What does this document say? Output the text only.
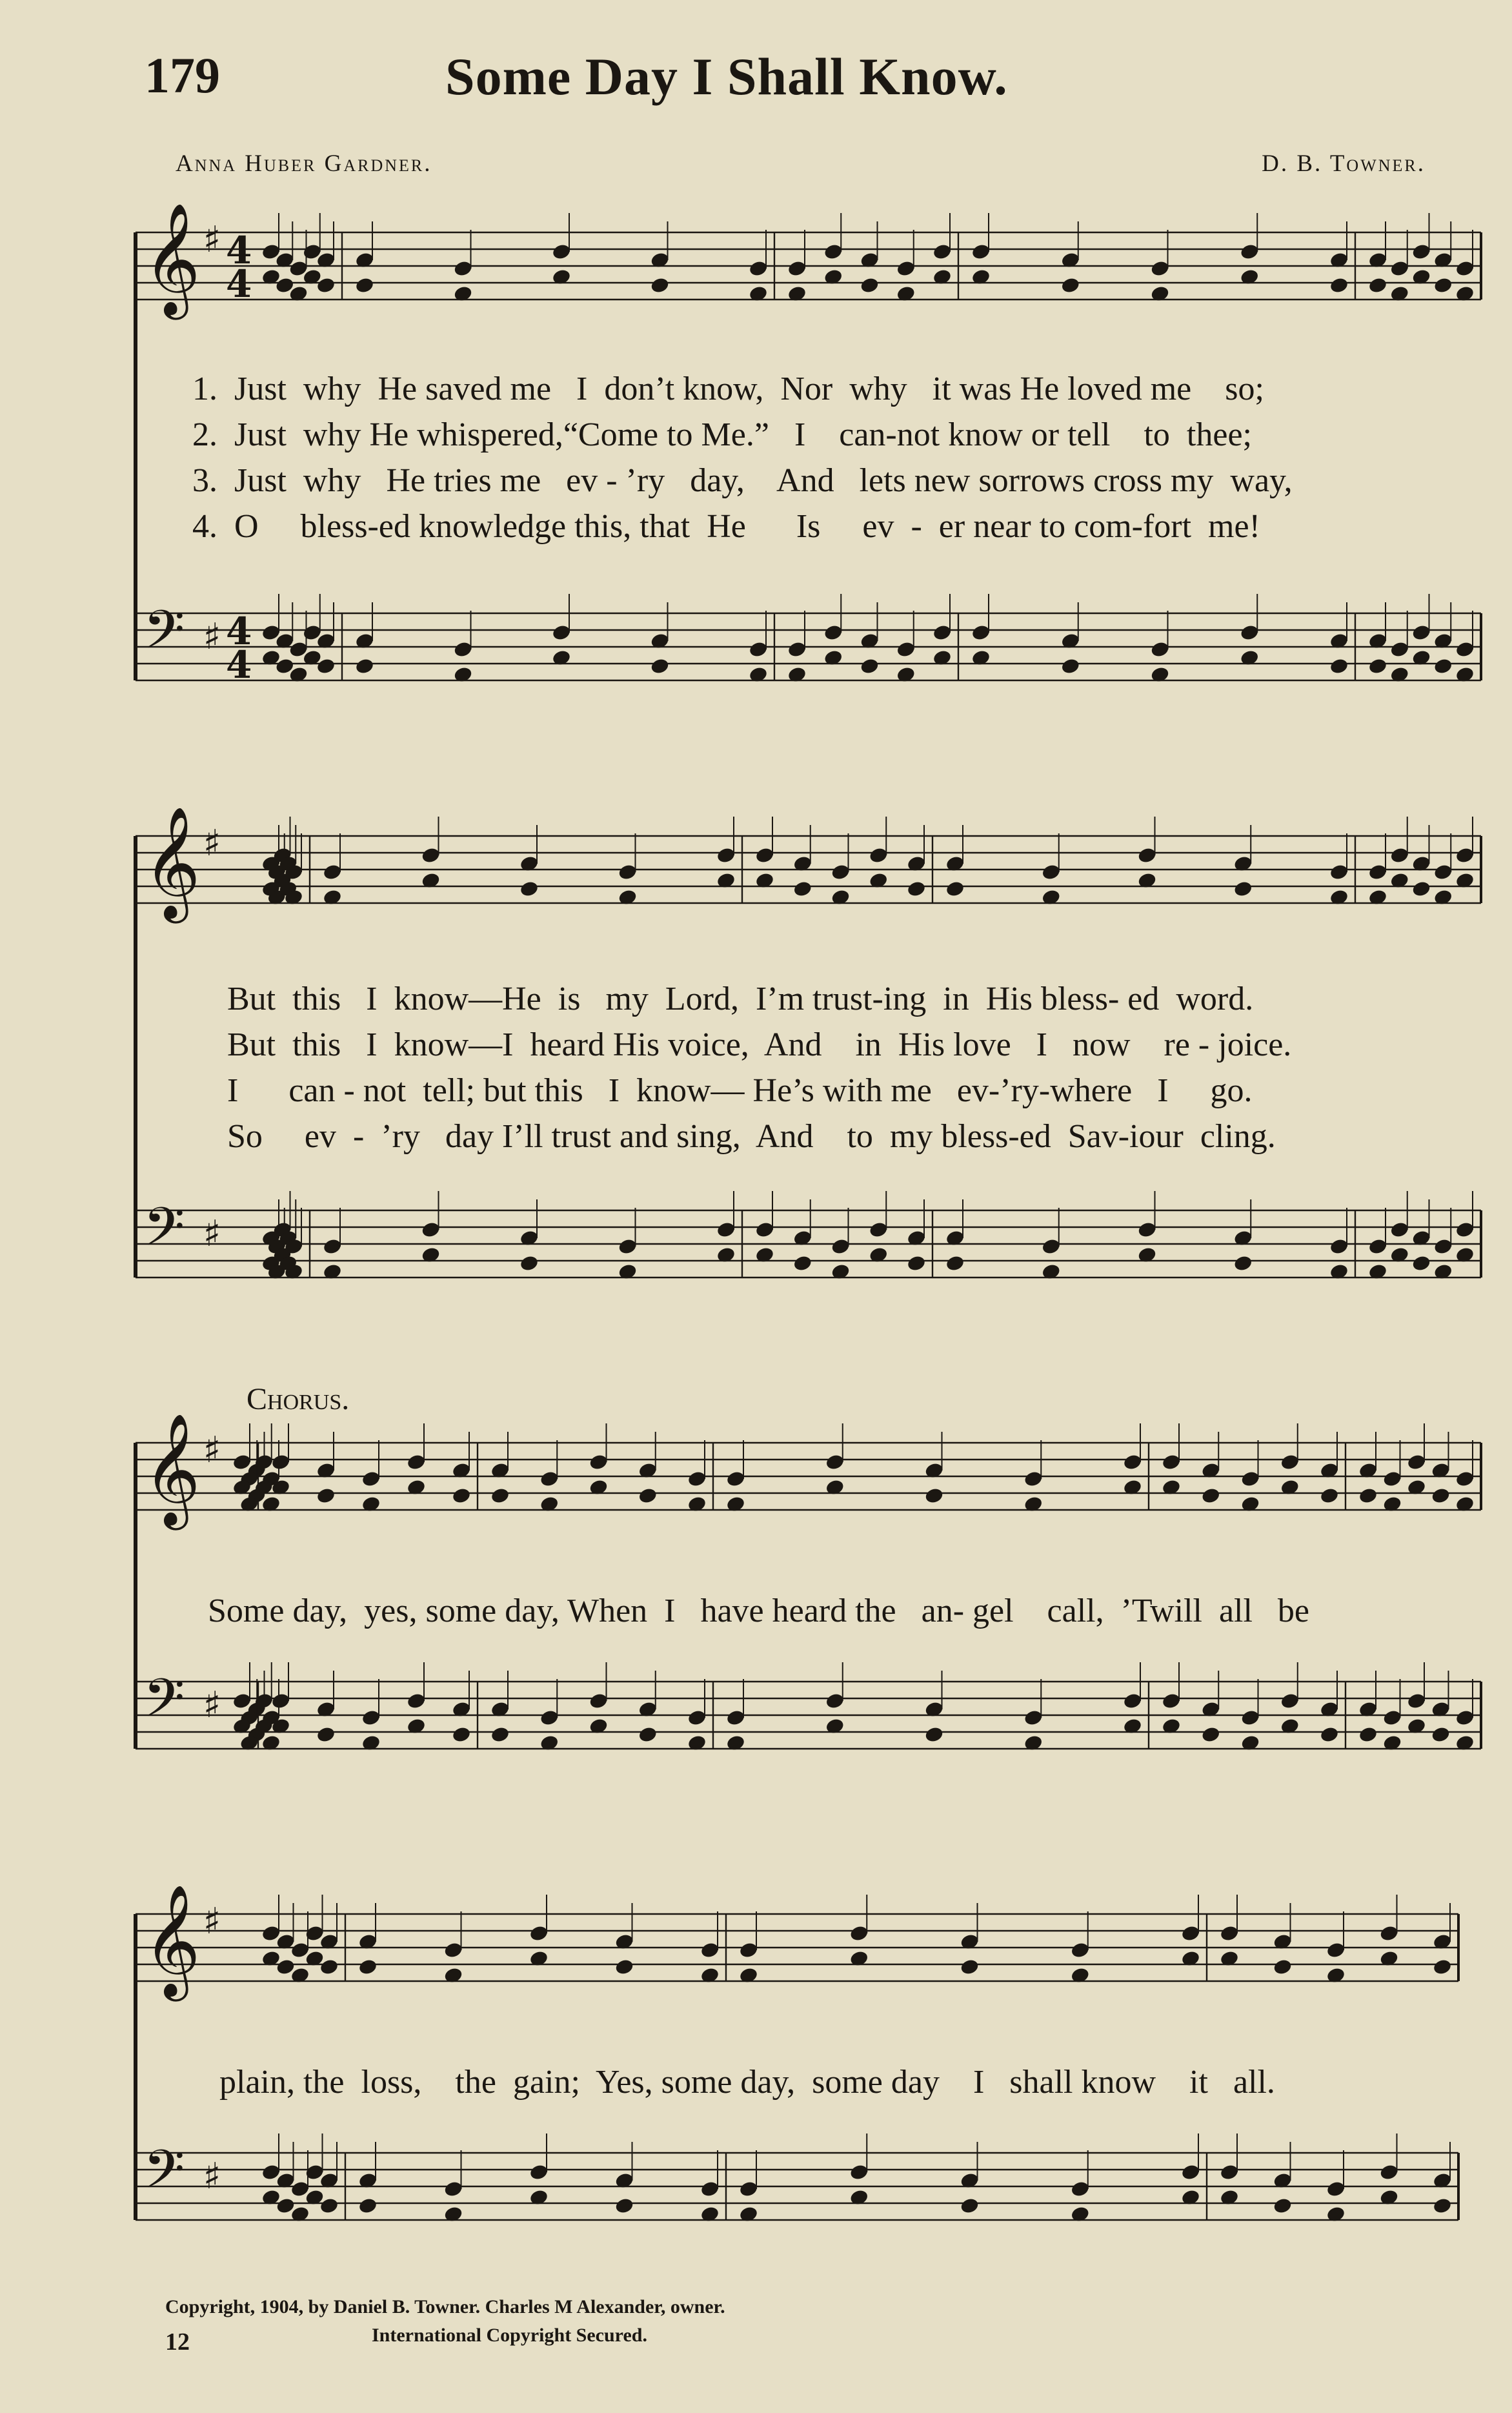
179	Some Day I Shall Know.
Anna Huber Gardner.	D. B. Towner.
𝄞 ♯
𝄢 ♯
4
4
4
4
𝄞 ♯
𝄢 ♯
𝄞 ♯
𝄢 ♯
𝄞 ♯
𝄢 ♯

1.  Just  why  He saved me   I  don’t know,  Nor  why   it was He loved me    so;

2.  Just  why He whispered,“Come to Me.”   I    can-not know or tell    to  thee;

3.  Just  why   He tries me   ev - ’ry   day,    And   lets new sorrows cross my  way,

4.  O     bless-ed knowledge this, that  He      Is     ev  -  er near to com-fort  me!

But  this   I  know—He  is   my  Lord,  I’m trust-ing  in  His bless- ed  word.

But  this   I  know—I  heard His voice,  And    in  His love   I   now    re - joice.

I      can - not  tell; but this   I  know— He’s with me   ev-’ry-where   I     go.

So     ev  -  ’ry   day I’ll trust and sing,  And    to  my bless-ed  Sav-iour  cling.

Chorus.
Some day,  yes, some day, When  I   have heard the   an- gel    call,  ’Twill  all   be
plain, the  loss,    the  gain;  Yes, some day,  some day    I   shall know    it   all.
Copyright, 1904, by Daniel B. Towner. Charles M Alexander, owner.
International Copyright Secured.
12
